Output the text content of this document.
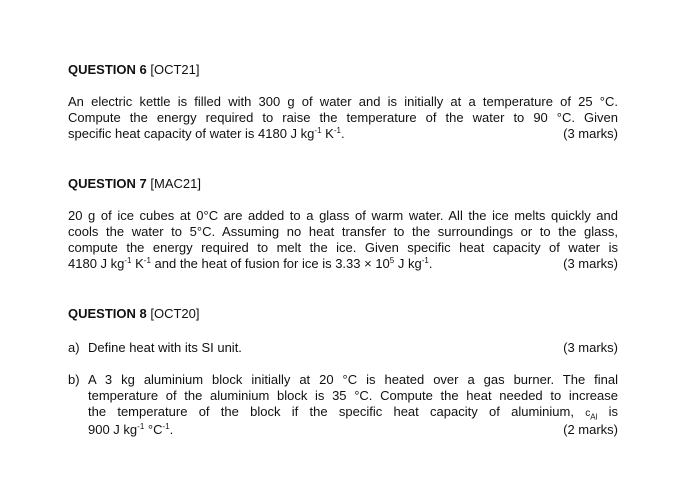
QUESTION 6 [OCT21]
An electric kettle is filled with 300 g of water and is initially at a temperature of 25 °C.
Compute the energy required to raise the temperature of the water to 90 °C. Given
specific heat capacity of water is 4180 J $kg^{-1}$ $K^{-1}$.	(3 marks)
QUESTION 7 [MAC21]
20 g of ice cubes at 0°C are added to a glass of warm water. All the ice melts quickly and
cools the water to 5°C. Assuming no heat transfer to the surroundings or to the glass,
compute the energy required to melt the ice. Given specific heat capacity of water is
4180 J $kg^{-1}$ $K^{-1}$ and the heat of fusion for ice is $3.33 \times 10^5$ J $kg^{-1}$.	(3 marks)
QUESTION 8 [OCT20]
a) Define heat with its SI unit.	(3 marks)
b) A 3 kg aluminium block initially at 20 °C is heated over a gas burner. The final
temperature of the aluminium block is 35 °C. Compute the heat needed to increase
the temperature of the block if the specific heat capacity of aluminium, $c_{Al}$ is
900 J $kg^{-1}$ $^\circ C^{-1}$.	(2 marks)
